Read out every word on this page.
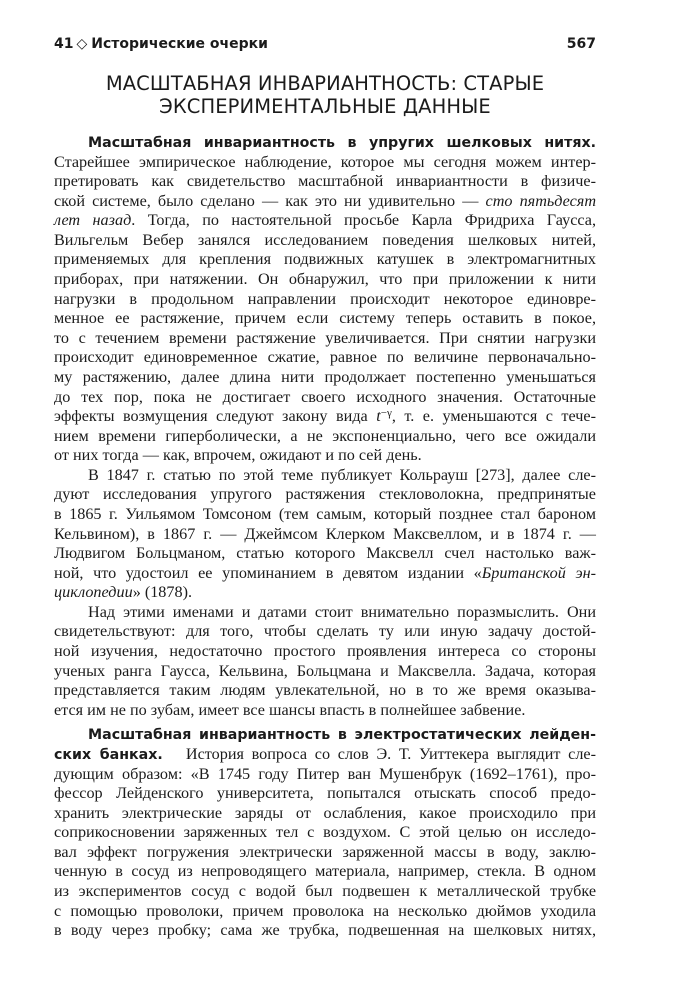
41 ◇ Исторические очерки	567
МАСШТАБНАЯ ИНВАРИАНТНОСТЬ: СТАРЫЕ
ЭКСПЕРИМЕНТАЛЬНЫЕ ДАННЫЕ
Масштабная инвариантность в упругих шелковых нитях.
Старейшее эмпирическое наблюдение, которое мы сегодня можем интер-
претировать как свидетельство масштабной инвариантности в физиче-
ской системе, было сделано — как это ни удивительно — сто пятьдесят
лет назад. Тогда, по настоятельной просьбе Карла Фридриха Гаусса,
Вильгельм Вебер занялся исследованием поведения шелковых нитей,
применяемых для крепления подвижных катушек в электромагнитных
приборах, при натяжении. Он обнаружил, что при приложении к нити
нагрузки в продольном направлении происходит некоторое единовре-
менное ее растяжение, причем если систему теперь оставить в покое,
то с течением времени растяжение увеличивается. При снятии нагрузки
происходит единовременное сжатие, равное по величине первоначально-
му растяжению, далее длина нити продолжает постепенно уменьшаться
до тех пор, пока не достигает своего исходного значения. Остаточные
эффекты возмущения следуют закону вида $t^{-\gamma}$, т. е. уменьшаются с тече-
нием времени гиперболически, а не экспоненциально, чего все ожидали
от них тогда — как, впрочем, ожидают и по сей день.
В 1847 г. статью по этой теме публикует Кольрауш [273], далее сле-
дуют исследования упругого растяжения стекловолокна, предпринятые
в 1865 г. Уильямом Томсоном (тем самым, который позднее стал бароном
Кельвином), в 1867 г. — Джеймсом Клерком Максвеллом, и в 1874 г. —
Людвигом Больцманом, статью которого Максвелл счел настолько важ-
ной, что удостоил ее упоминанием в девятом издании «Британской эн-
циклопедии» (1878).
Над этими именами и датами стоит внимательно поразмыслить. Они
свидетельствуют: для того, чтобы сделать ту или иную задачу достой-
ной изучения, недостаточно простого проявления интереса со стороны
ученых ранга Гаусса, Кельвина, Больцмана и Максвелла. Задача, которая
представляется таким людям увлекательной, но в то же время оказыва-
ется им не по зубам, имеет все шансы впасть в полнейшее забвение.
Масштабная инвариантность в электростатических лейден-
ских банках. История вопроса со слов Э. Т. Уиттекера выглядит сле-
дующим образом: «В 1745 году Питер ван Мушенбрук (1692–1761), про-
фессор Лейденского университета, попытался отыскать способ предо-
хранить электрические заряды от ослабления, какое происходило при
соприкосновении заряженных тел с воздухом. С этой целью он исследо-
вал эффект погружения электрически заряженной массы в воду, заклю-
ченную в сосуд из непроводящего материала, например, стекла. В одном
из экспериментов сосуд с водой был подвешен к металлической трубке
с помощью проволоки, причем проволока на несколько дюймов уходила
в воду через пробку; сама же трубка, подвешенная на шелковых нитях,
